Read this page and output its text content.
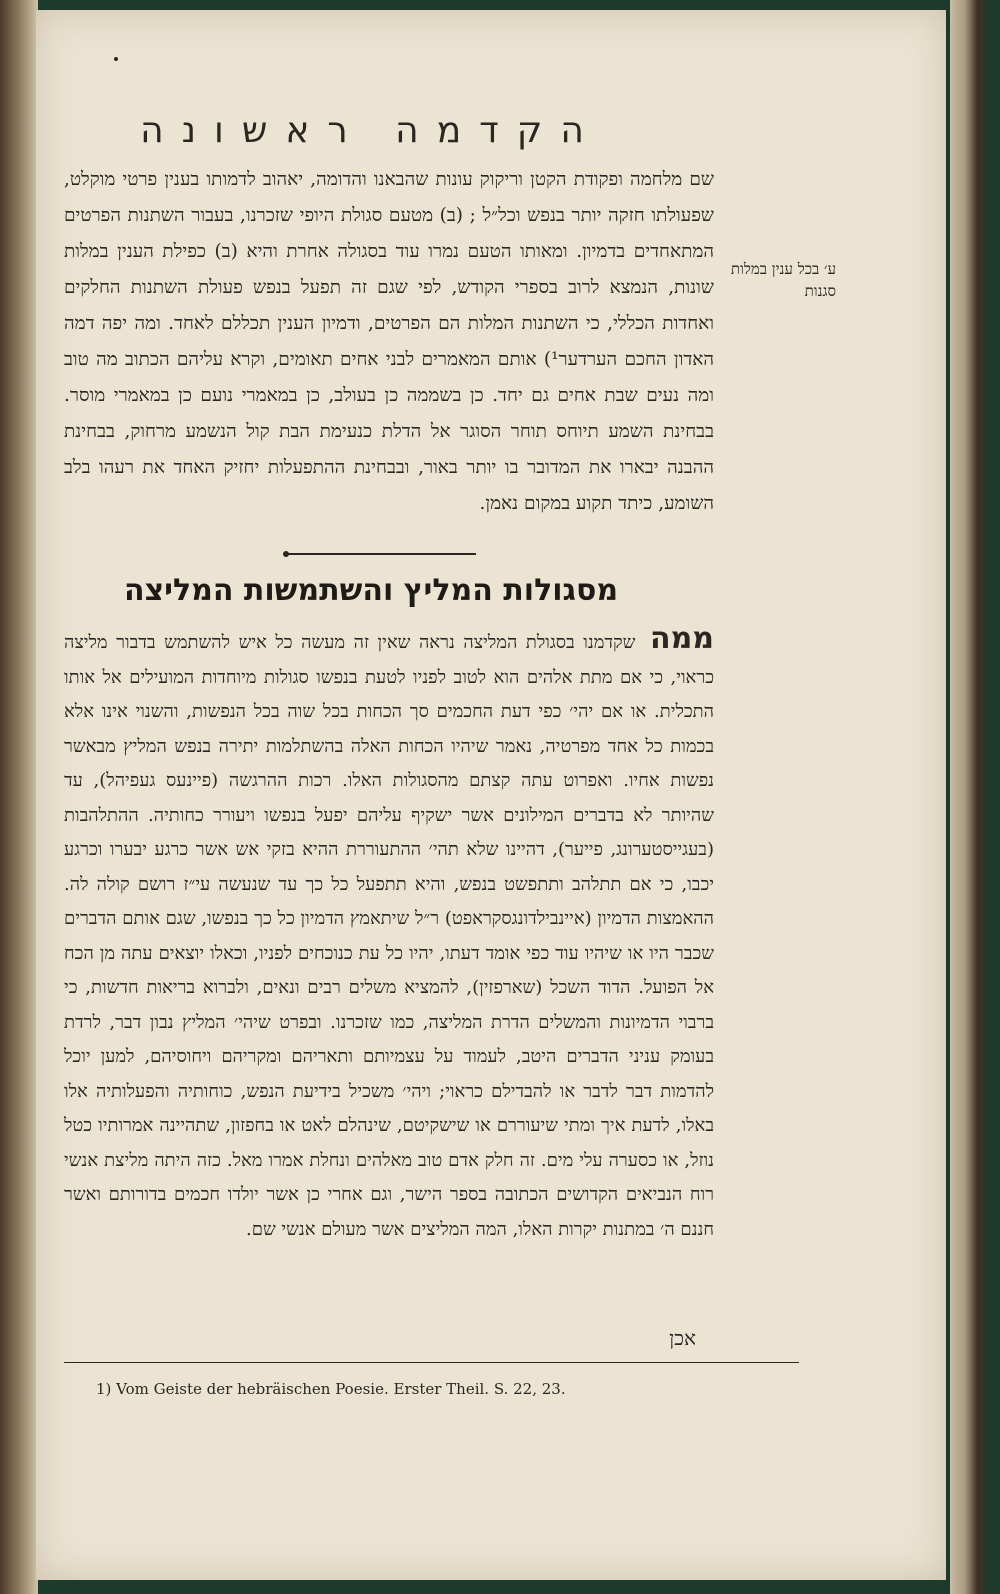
הקדמה ראשונה
ע׳ בכל ענין במלות סגנות
שם מלחמה ופקודת הקטן וריקוק עונות שהבאנו והדומה, יאהוב לדמותו בענין פרטי מוקלט, שפעולתו חזקה יותר בנפש וכל״ל ; (ב) מטעם סגולת היופי שזכרנו, בעבור השתנות הפרטים המתאחדים בדמיון. ומאותו הטעם נמרו עוד בסגולה אחרת והיא (ב) כפילת הענין במלות שונות, הנמצא לרוב בספרי הקודש, לפי שגם זה תפעל בנפש פעולת השתנות החלקים ואחדות הכללי, כי השתנות המלות הם הפרטים, ודמיון הענין תכללם לאחד. ומה יפה דמה האדון החכם הערדער¹) אותם המאמרים לבני אחים תאומים, וקרא עליהם הכתוב מה טוב ומה נעים שבת אחים גם יחד. כן בשממה כן בעולב, כן במאמרי נועם כן במאמרי מוסר. בבחינת השמע תיוחס תוחר הסוגר אל הדלת כנעימת הבת קול הנשמע מרחוק, בבחינת ההבנה יבארו את המדובר בו יותר באור, ובבחינת ההתפעלות יחזיק האחד את רעהו בלב השומע, כיתד תקוע במקום נאמן.
מסגולות המליץ והשתמשות המליצה
ממה שקדמנו בסגולת המליצה נראה שאין זה מעשה כל איש להשתמש בדבור מליצה כראוי, כי אם מתת אלהים הוא לטוב לפניו לטעת בנפשו סגולות מיוחדות המועילים אל אותו התכלית. או אם יהי׳ כפי דעת החכמים סך הכחות בכל שוה בכל הנפשות, והשנוי אינו אלא בכמות כל אחד מפרטיה, נאמר שיהיו הכחות האלה בהשתלמות יתירה בנפש המליץ מבאשר נפשות אחיו. ואפרוט עתה קצתם מהסגולות האלו. רכות ההרגשה (פיינעס געפיהל), עד שהיותר לא בדברים המילונים אשר ישקיף עליהם יפעל בנפשו ויעורר כחותיה. ההתלהבות (בעגייסטערונג, פייער), דהיינו שלא תהי׳ ההתעוררת ההיא בזקי אש אשר כרגע יבערו וכרגע יכבו, כי אם תתלהב ותתפשט בנפש, והיא תתפעל כל כך עד שנעשה עי״ז רושם קולה לה. ההאמצות הדמיון (איינבילדונגסקראפט) ר״ל שיתאמץ הדמיון כל כך בנפשו, שגם אותם הדברים שכבר היו או שיהיו עוד כפי אומד דעתו, יהיו כל עת כנוכחים לפניו, וכאלו יוצאים עתה מן הכח אל הפועל. הדוד השכל (שארפזין), להמציא משלים רבים ונאים, ולברוא בריאות חדשות, כי ברבוי הדמיונות והמשלים הדרת המליצה, כמו שזכרנו. ובפרט שיהי׳ המליץ נבון דבר, לרדת בעומק עניני הדברים היטב, לעמוד על עצמיותם ותאריהם ומקריהם ויחוסיהם, למען יוכל להדמות דבר לדבר או להבדילם כראוי; ויהי׳ משכיל בידיעת הנפש, כוחותיה והפעלותיה אלו באלו, לדעת איך ומתי שיעוררם או שישקיטם, שינהלם לאט או בחפזון, שתהיינה אמרותיו כטל נוזל, או כסערה עלי מים. זה חלק אדם טוב מאלהים ונחלת אמרו מאל. כזה היתה מליצת אנשי רוח הנביאים הקדושים הכתובה בספר הישר, וגם אחרי כן אשר יולדו חכמים בדורותם ואשר חננם ה׳ במתנות יקרות האלו, המה המליצים אשר מעולם אנשי שם.
אכן
1) Vom Geiste der hebräischen Poesie. Erster Theil. S. 22, 23.
